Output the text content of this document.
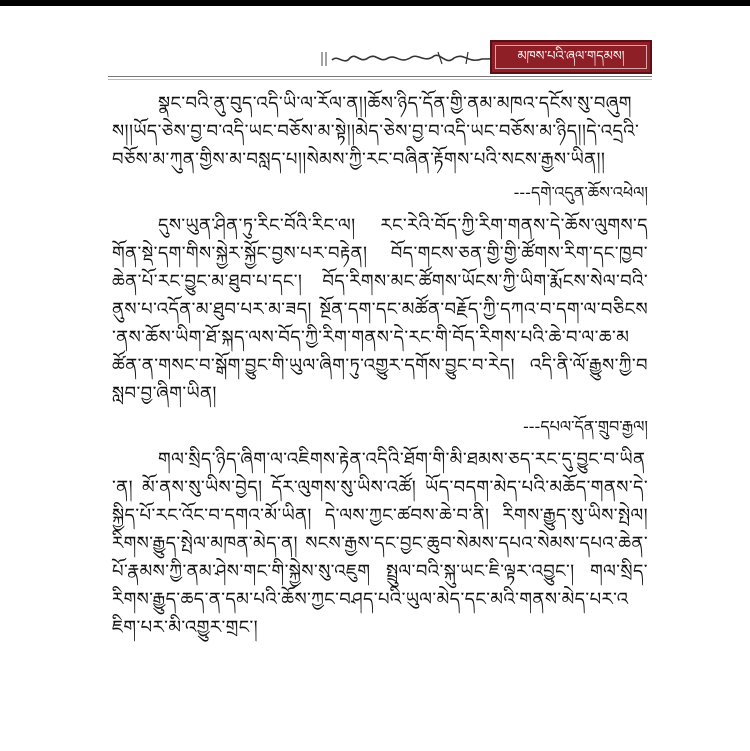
མཁས་པའི་ཞལ་གདམས།

སྣང་བའི་ནུ་བུད་འདི་ཡི་ལ་རོལ་ན།།ཆོས་ཉིད་དོན་གྱི་ནམ་མཁའ་དངོས་སུ་བཞུགས།།ཡོད་ཅེས་བྱ་བ་འདི་ཡང་བཅོས་མ་སྟེ།།མེད་ཅེས་བྱ་བ་འདི་ཡང་བཅོས་མ་ཉིད།།དེ་འདྲའི་བཅོས་མ་ཀུན་གྱིས་མ་བསླད་པ།།སེམས་ཀྱི་རང་བཞིན་རྟོགས་པའི་སངས་རྒྱས་ཡིན།།

---དགེ་འདུན་ཆོས་འཕེལ།

དུས་ཡུན་ཤིན་ཏུ་རིང་བོའི་རིང་ལ། རང་རེའི་བོད་ཀྱི་རིག་གནས་དེ་ཆོས་ལུགས་དགོན་སྡེ་དག་གིས་སྐྱེར་སྐྱོང་བྱས་པར་བརྟེན། བོད་གངས་ཅན་གྱི་གྱི་ཚོགས་རིག་དང་ཁྱབ་ཆེན་པོ་རང་བྱུང་མ་ཐུབ་པ་དང་། བོད་རིགས་མང་ཚོགས་ཡོངས་ཀྱི་ཡིག་རྨོངས་སེལ་བའི་ནུས་པ་འདོན་མ་ཐུབ་པར་མ་ཟད། སྔོན་དག་དང་མཚོན་བརྗོད་ཀྱི་དཀའ་བ་དག་ལ་བཅིངས་ནས་ཆོས་ཡིག་ཐོ་སྐད་ལས་བོད་ཀྱི་རིག་གནས་དེ་རང་གི་བོད་རིགས་པའི་ཆེ་བ་ལ་ཆ་མཚོན་ན་གསང་བ་སྒོག་བྱུང་གི་ཡུལ་ཞིག་ཏུ་འགྱུར་དགོས་བྱུང་བ་རེད། འདི་ནི་ལོ་རྒྱུས་ཀྱི་བསླབ་བྱ་ཞིག་ཡིན།

---དཔལ་དོན་གྲུབ་རྒྱལ།

གལ་སྲིད་ཉིད་ཞིག་ལ་འཇིགས་རྟེན་འདིའི་ཐོག་གི་མི་ཐམས་ཅད་རང་དུ་བྱུང་བ་ཡིན་ན། མོ་ནས་སུ་ཡིས་བྱེད། དོར་ལུགས་སུ་ཡིས་འཚོ། ཡོད་བདག་མེད་པའི་མཆོད་གནས་དེ་སྐྱིད་པོ་རང་འོང་བ་དགའ་མོ་ཡིན། དེ་ལས་ཀྱང་ཚབས་ཆེ་བ་ནི། རིགས་རྒྱུད་སུ་ཡིས་སྤེལ། རིགས་རྒྱུད་སྤེལ་མཁན་མེད་ན། སངས་རྒྱས་དང་བྱང་ཆུབ་སེམས་དཔའ་སེམས་དཔའ་ཆེན་པོ་རྣམས་ཀྱི་ནམ་ཤེས་གང་གི་སྐྱེས་སུ་འཇུག སྤྲུལ་བའི་སྐུ་ཡང་ཇི་ལྟར་འབྱུང་། གལ་སྲིད་རིགས་རྒྱུད་ཆད་ན་དམ་པའི་ཆོས་ཀྱང་བཤད་པའི་ཡུལ་མེད་དང་མའི་གནས་མེད་པར་འཇིག་པར་མི་འགྱུར་གྲང་།
